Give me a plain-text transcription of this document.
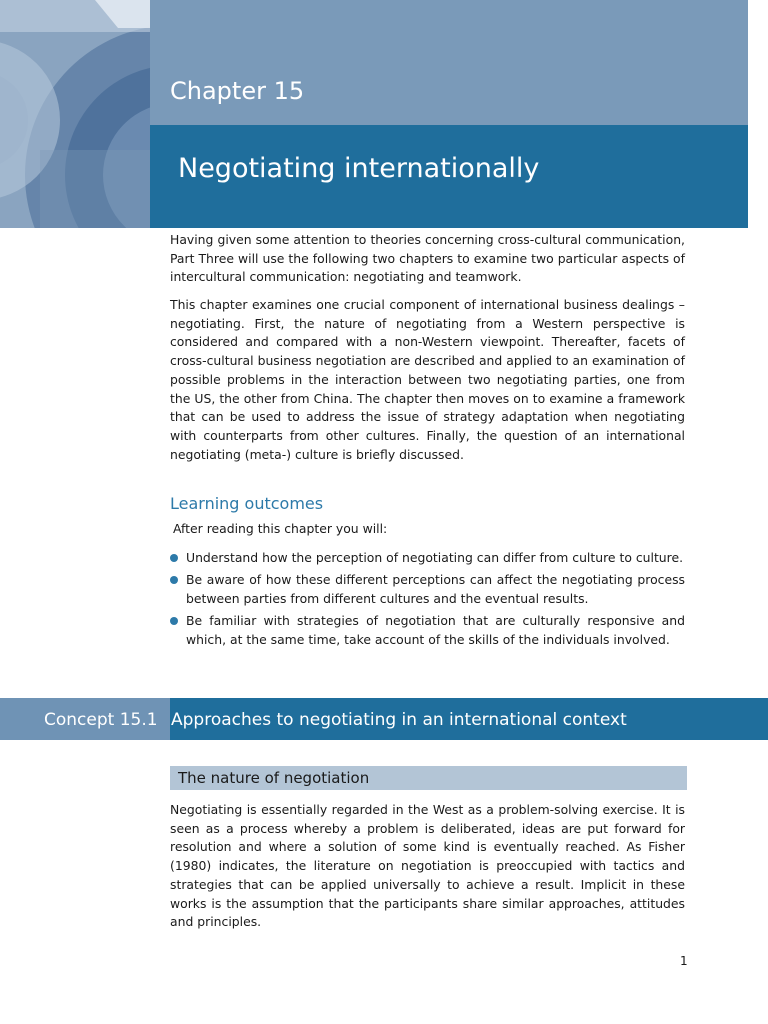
Chapter 15
Negotiating internationally

Having given some attention to theories concerning cross-cultural communication, Part Three will use the following two chapters to examine two particular aspects of intercultural communication: negotiating and teamwork.

This chapter examines one crucial component of international business dealings – negotiating. First, the nature of negotiating from a Western perspective is considered and compared with a non-Western viewpoint. Thereafter, facets of cross-cultural business negotiation are described and applied to an examination of possible problems in the interaction between two negotiating parties, one from the US, the other from China. The chapter then moves on to examine a framework that can be used to address the issue of strategy adaptation when negotiating with counterparts from other cultures. Finally, the question of an international negotiating (meta-) culture is briefly discussed.

Learning outcomes

After reading this chapter you will:

Understand how the perception of negotiating can differ from culture to culture.
Be aware of how these different perceptions can affect the negotiating process between parties from different cultures and the eventual results.
Be familiar with strategies of negotiation that are culturally responsive and which, at the same time, take account of the skills of the individuals involved.
Concept 15.1 Approaches to negotiating in an international context
The nature of negotiation

Negotiating is essentially regarded in the West as a problem-solving exercise. It is seen as a process whereby a problem is deliberated, ideas are put forward for resolution and where a solution of some kind is eventually reached. As Fisher (1980) indicates, the literature on negotiation is preoccupied with tactics and strategies that can be applied universally to achieve a result. Implicit in these works is the assumption that the participants share similar approaches, attitudes and principles.

1
